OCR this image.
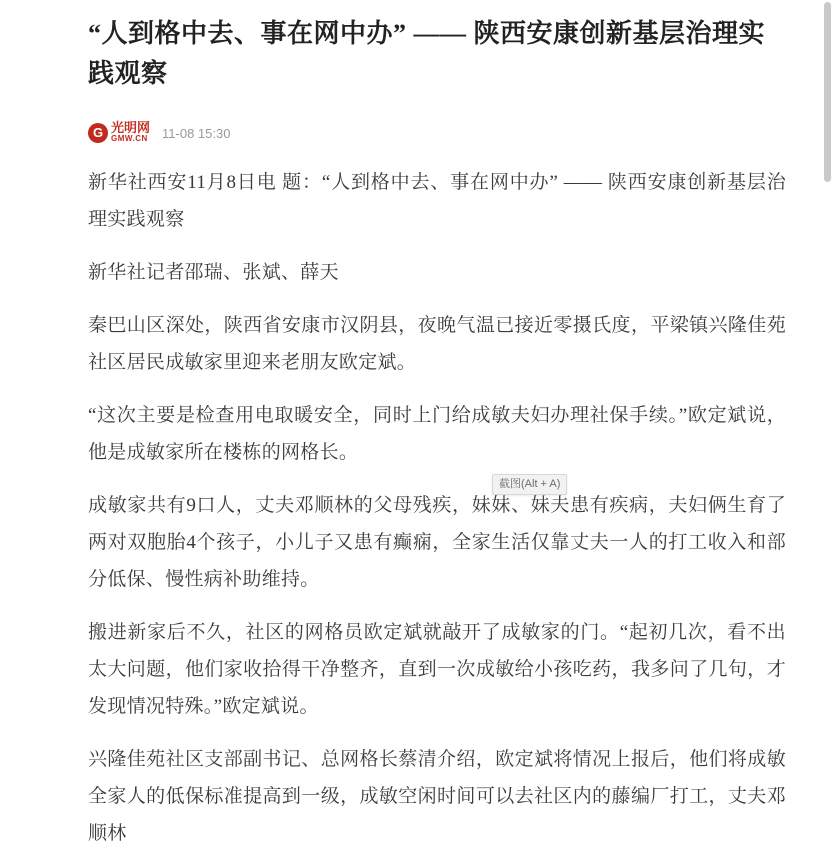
“人到格中去、事在网中办” —— 陕西安康创新基层治理实践观察
G 光明网
GMW.CN 11-08 15:30

新华社西安11月8日电 题：“人到格中去、事在网中办” —— 陕西安康创新基层治理实践观察

新华社记者邵瑞、张斌、薛天

秦巴山区深处，陕西省安康市汉阴县，夜晚气温已接近零摄氏度，平梁镇兴隆佳苑社区居民成敏家里迎来老朋友欧定斌。

“这次主要是检查用电取暖安全，同时上门给成敏夫妇办理社保手续。”欧定斌说，他是成敏家所在楼栋的网格长。

成敏家共有9口人，丈夫邓顺林的父母残疾，妹妹、妹夫患有疾病，夫妇俩生育了两对双胞胎4个孩子，小儿子又患有癫痫，全家生活仅靠丈夫一人的打工收入和部分低保、慢性病补助维持。

搬进新家后不久，社区的网格员欧定斌就敲开了成敏家的门。“起初几次，看不出太大问题，他们家收拾得干净整齐，直到一次成敏给小孩吃药，我多问了几句，才发现情况特殊。”欧定斌说。

兴隆佳苑社区支部副书记、总网格长蔡清介绍，欧定斌将情况上报后，他们将成敏全家人的低保标准提高到一级，成敏空闲时间可以去社区内的藤编厂打工，丈夫邓顺林

截图(Alt + A)
